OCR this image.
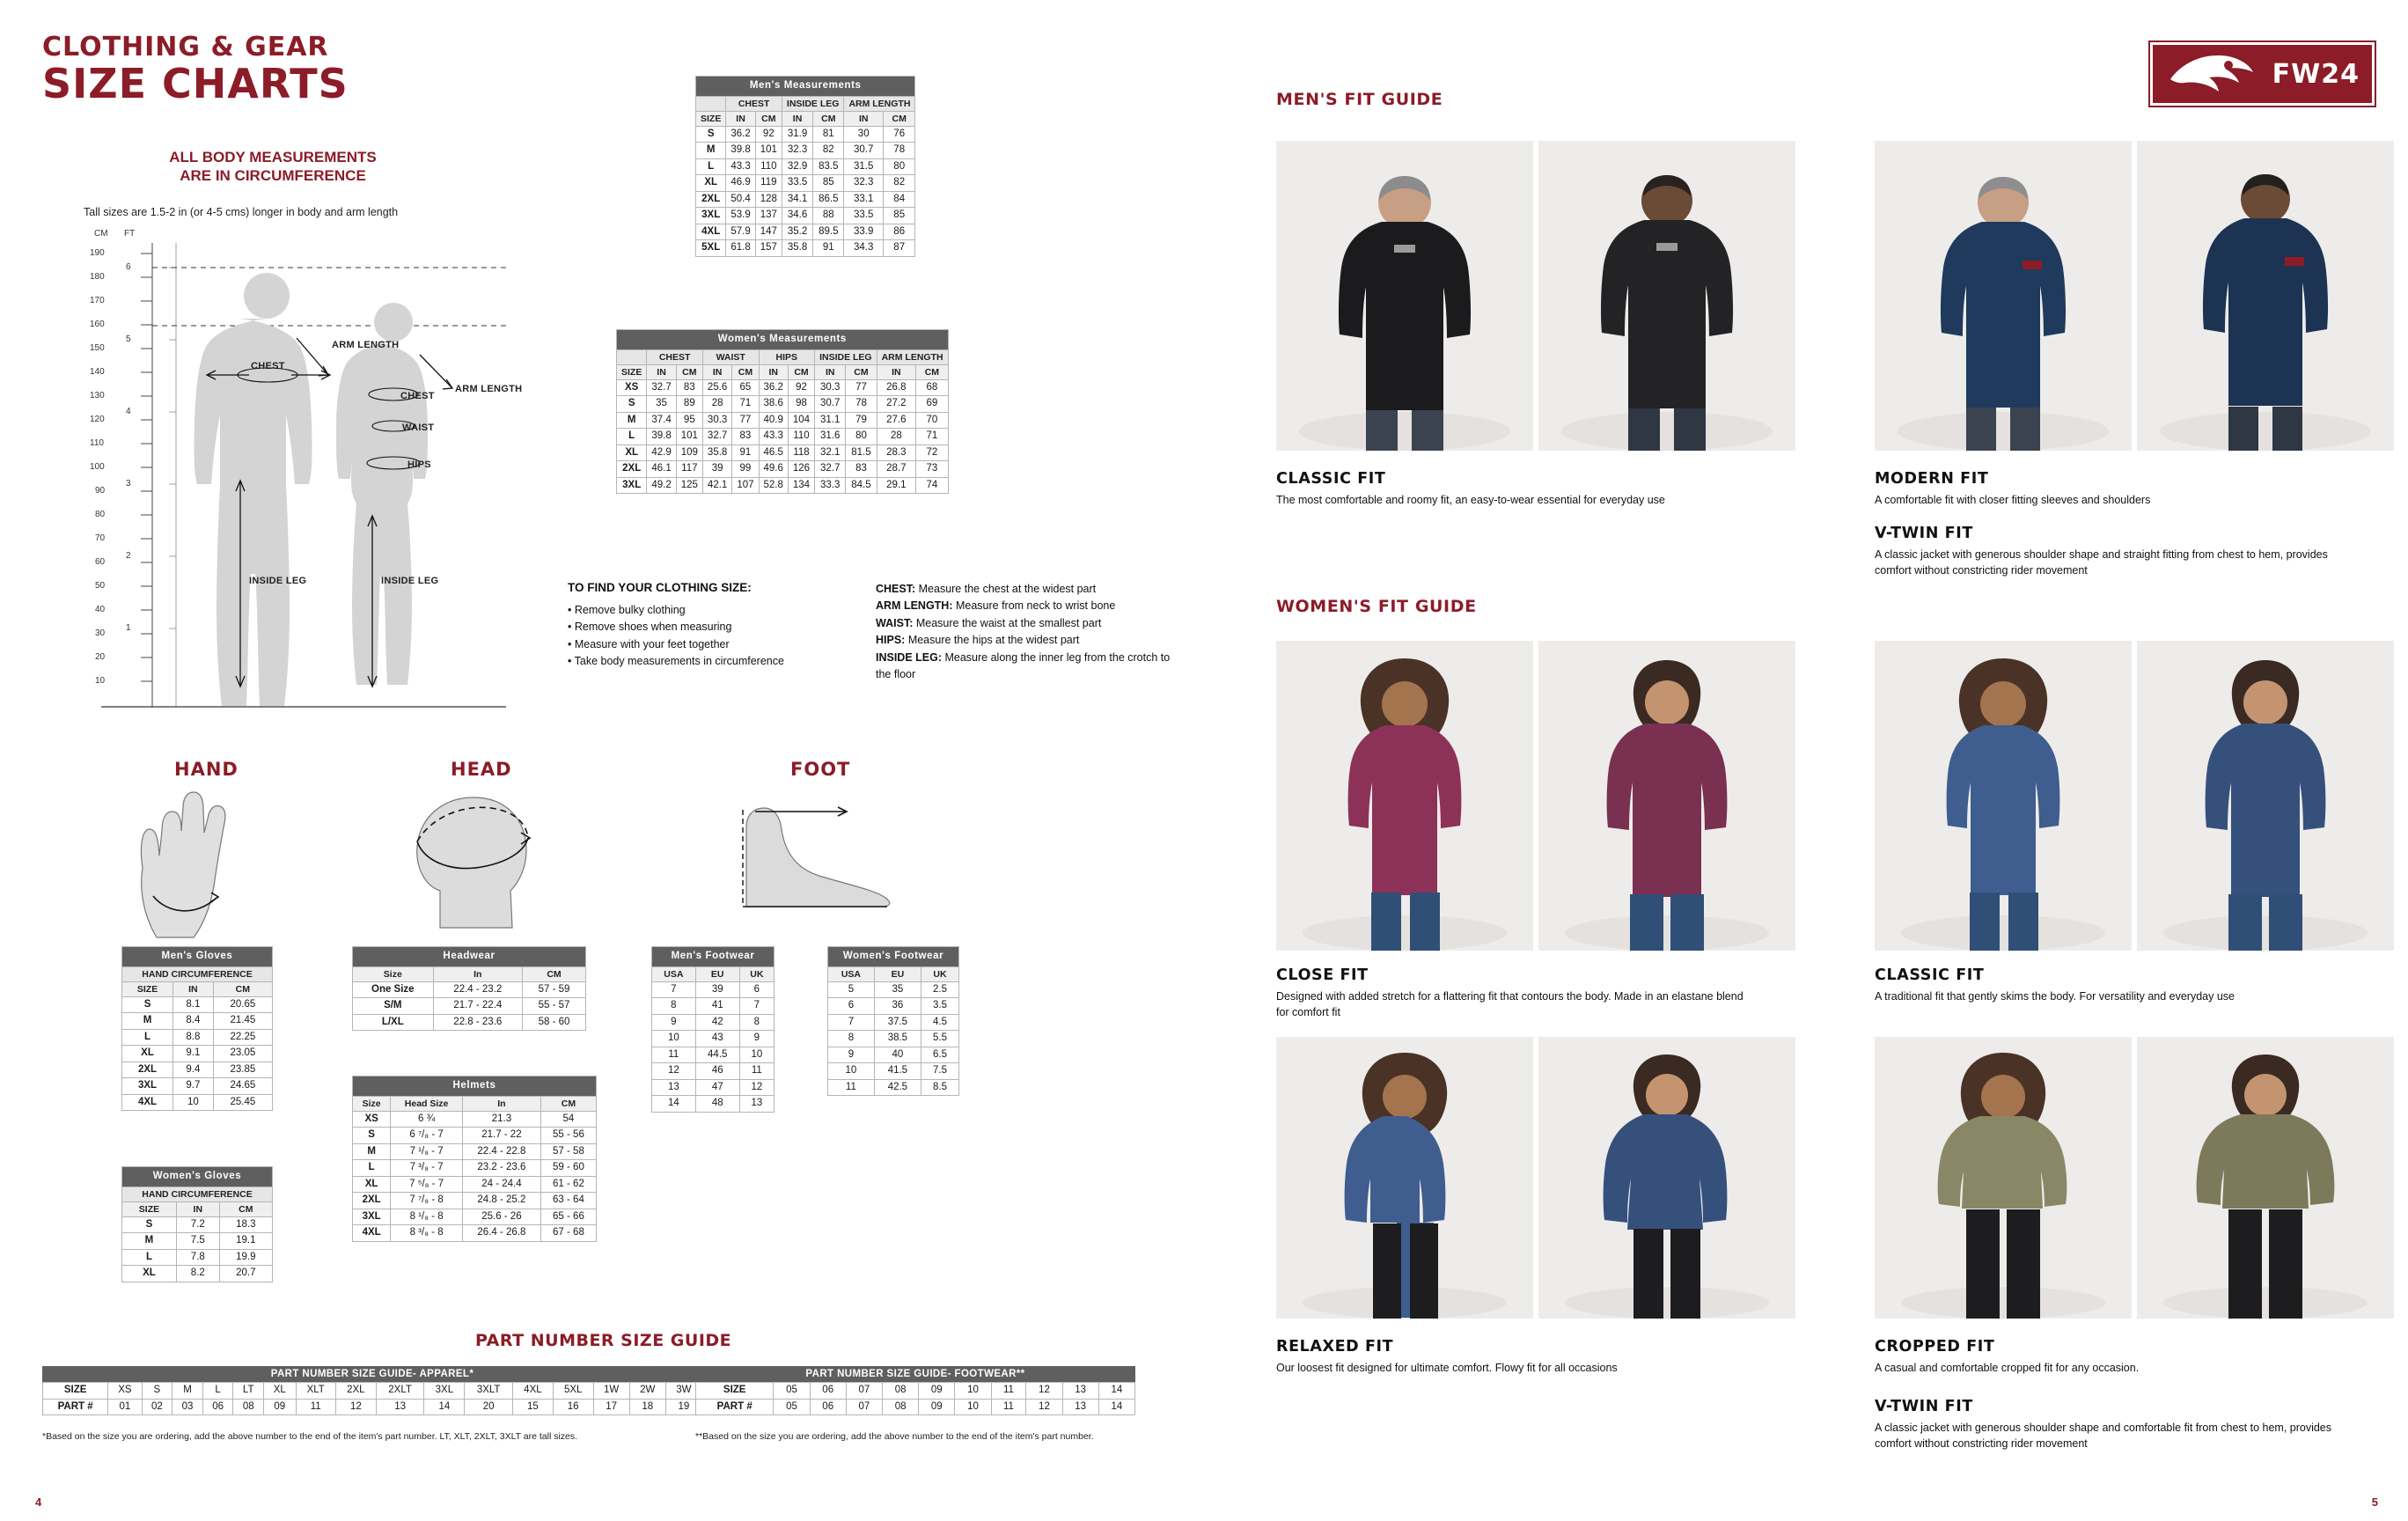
CLOTHING & GEAR
SIZE CHARTS
ALL BODY MEASUREMENTS
ARE IN CIRCUMFERENCE
Tall sizes are 1.5-2 in (or 4-5 cms) longer in body and arm length
CM FT
190
180
170
160
150
140
130
120
110
100
90
80
70
60
50
40
30
20
10
6
5
4
3
2
1
ARM LENGTH
ARM LENGTH
CHEST
CHEST
WAIST
HIPS
INSIDE LEG	INSIDE LEG
HAND	HEAD	FOOT
Men's Measurements						
	CHEST		INSIDE LEG		ARM LENGTH	
SIZE	IN	CM	IN	CM	IN	CM
S	36.2	92	31.9	81	30	76
M	39.8	101	32.3	82	30.7	78
L	43.3	110	32.9	83.5	31.5	80
XL	46.9	119	33.5	85	32.3	82
2XL	50.4	128	34.1	86.5	33.1	84
3XL	53.9	137	34.6	88	33.5	85
4XL	57.9	147	35.2	89.5	33.9	86
5XL	61.8	157	35.8	91	34.3	87
Women's Measurements										
	CHEST		WAIST		HIPS		INSIDE LEG		ARM LENGTH	
SIZE	IN	CM	IN	CM	IN	CM	IN	CM	IN	CM
XS	32.7	83	25.6	65	36.2	92	30.3	77	26.8	68
S	35	89	28	71	38.6	98	30.7	78	27.2	69
M	37.4	95	30.3	77	40.9	104	31.1	79	27.6	70
L	39.8	101	32.7	83	43.3	110	31.6	80	28	71
XL	42.9	109	35.8	91	46.5	118	32.1	81.5	28.3	72
2XL	46.1	117	39	99	49.6	126	32.7	83	28.7	73
3XL	49.2	125	42.1	107	52.8	134	33.3	84.5	29.1	74
TO FIND YOUR CLOTHING SIZE:
• Remove bulky clothing
• Remove shoes when measuring
• Measure with your feet together
• Take body measurements in circumference
CHEST: Measure the chest at the widest part
ARM LENGTH: Measure from neck to wrist bone
WAIST: Measure the waist at the smallest part
HIPS: Measure the hips at the widest part
INSIDE LEG: Measure along the inner leg from the crotch to the floor
Men's Gloves		
HAND CIRCUMFERENCE		
SIZE	IN	CM
S	8.1	20.65
M	8.4	21.45
L	8.8	22.25
XL	9.1	23.05
2XL	9.4	23.85
3XL	9.7	24.65
4XL	10	25.45
Women's Gloves		
HAND CIRCUMFERENCE		
SIZE	IN	CM
S	7.2	18.3
M	7.5	19.1
L	7.8	19.9
XL	8.2	20.7
Headwear		
Size	In	CM
One Size	22.4 - 23.2	57 - 59
S/M	21.7 - 22.4	55 - 57
L/XL	22.8 - 23.6	58 - 60
Helmets			
Size	Head Size	In	CM
XS	6 ¾	21.3	54
S	6 ⁷/₈ - 7	21.7 - 22	55 - 56
M	7 ¹/₈ - 7	22.4 - 22.8	57 - 58
L	7 ³/₈ - 7	23.2 - 23.6	59 - 60
XL	7 ⁵/₈ - 7	24 - 24.4	61 - 62
2XL	7 ⁷/₈ - 8	24.8 - 25.2	63 - 64
3XL	8 ¹/₈ - 8	25.6 - 26	65 - 66
4XL	8 ³/₈ - 8	26.4 - 26.8	67 - 68
Men's Footwear		
USA	EU	UK
7	39	6
8	41	7
9	42	8
10	43	9
11	44.5	10
12	46	11
13	47	12
14	48	13
Women's Footwear		
USA	EU	UK
5	35	2.5
6	36	3.5
7	37.5	4.5
8	38.5	5.5
9	40	6.5
10	41.5	7.5
11	42.5	8.5
PART NUMBER SIZE GUIDE
PART NUMBER SIZE GUIDE- APPAREL*
SIZE	XS	S	M	L	LT	XL	XLT	2XL	2XLT	3XL	3XLT	4XL	5XL	1W	2W	3W
PART #	01	02	03	06	08	09	11	12	13	14	20	15	16	17	18	19
PART NUMBER SIZE GUIDE- FOOTWEAR**
SIZE	05	06	07	08	09	10	11	12	13	14
PART #	05	06	07	08	09	10	11	12	13	14
*Based on the size you are ordering, add the above number to the end of the item's part number. LT, XLT, 2XLT, 3XLT are tall sizes.	**Based on the size you are ordering, add the above number to the end of the item's part number.
4
MEN'S FIT GUIDE
WOMEN'S FIT GUIDE
FW24
CLASSIC FIT
The most comfortable and roomy fit, an easy-to-wear essential for everyday use
MODERN FIT
A comfortable fit with closer fitting sleeves and shoulders
V-TWIN FIT
A classic jacket with generous shoulder shape and straight fitting from chest to hem, provides comfort without constricting rider movement
CLOSE FIT
Designed with added stretch for a flattering fit that contours the body. Made in an elastane blend for comfort fit
CLASSIC FIT
A traditional fit that gently skims the body. For versatility and everyday use
RELAXED FIT
Our loosest fit designed for ultimate comfort. Flowy fit for all occasions
CROPPED FIT
A casual and comfortable cropped fit for any occasion.
V-TWIN FIT
A classic jacket with generous shoulder shape and comfortable fit from chest to hem, provides comfort without constricting rider movement
5
